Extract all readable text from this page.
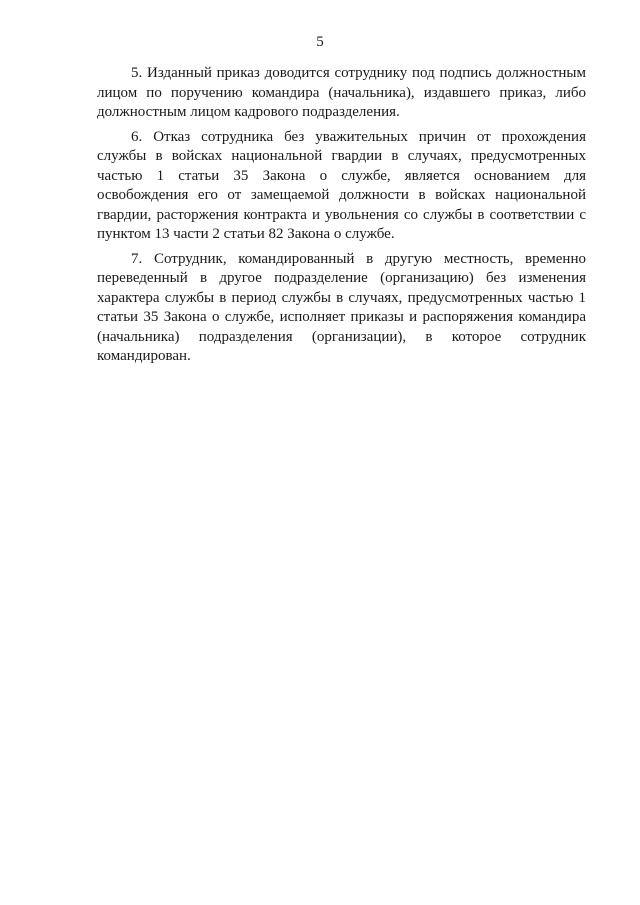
5

5. Изданный приказ доводится сотруднику под подпись должностным лицом по поручению командира (начальника), издавшего приказ, либо должностным лицом кадрового подразделения.

6. Отказ сотрудника без уважительных причин от прохождения службы в войсках национальной гвардии в случаях, предусмотренных частью 1 статьи 35 Закона о службе, является основанием для освобождения его от замещаемой должности в войсках национальной гвардии, расторжения контракта и увольнения со службы в соответствии с пунктом 13 части 2 статьи 82 Закона о службе.

7. Сотрудник, командированный в другую местность, временно переведенный в другое подразделение (организацию) без изменения характера службы в период службы в случаях, предусмотренных частью 1 статьи 35 Закона о службе, исполняет приказы и распоряжения командира (начальника) подразделения (организации), в которое сотрудник командирован.
